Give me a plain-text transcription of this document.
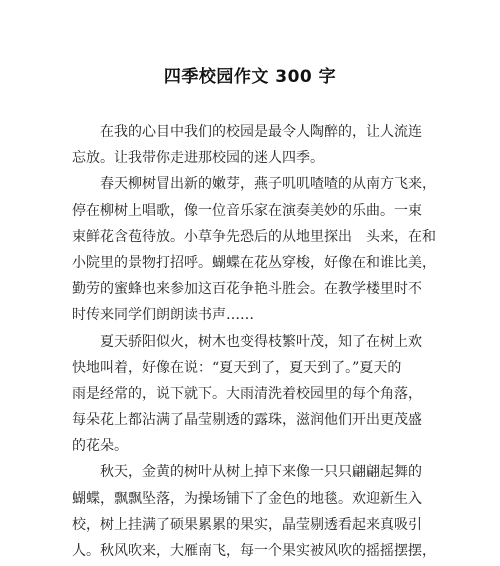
四季校园作文 300 字
在我的心目中我们的校园是最令人陶醉的，让人流连
忘放。让我带你走进那校园的迷人四季。
春天柳树冒出新的嫩芽，燕子叽叽喳喳的从南方飞来，
停在柳树上唱歌，像一位音乐家在演奏美妙的乐曲。一束
束鲜花含苞待放。小草争先恐后的从地里探出　头来，在和
小院里的景物打招呼。蝴蝶在花丛穿梭，好像在和谁比美，
勤劳的蜜蜂也来参加这百花争艳斗胜会。在教学楼里时不
时传来同学们朗朗读书声……
夏天骄阳似火，树木也变得枝繁叶茂，知了在树上欢
快地叫着，好像在说：“夏天到了，夏天到了。”夏天的
雨是经常的，说下就下。大雨清洗着校园里的每个角落，
每朵花上都沾满了晶莹剔透的露珠，滋润他们开出更茂盛
的花朵。
秋天，金黄的树叶从树上掉下来像一只只翩翩起舞的
蝴蝶，飘飘坠落，为操场铺下了金色的地毯。欢迎新生入
校，树上挂满了硕果累累的果实，晶莹剔透看起来真吸引
人。秋风吹来，大雁南飞，每一个果实被风吹的摇摇摆摆，
